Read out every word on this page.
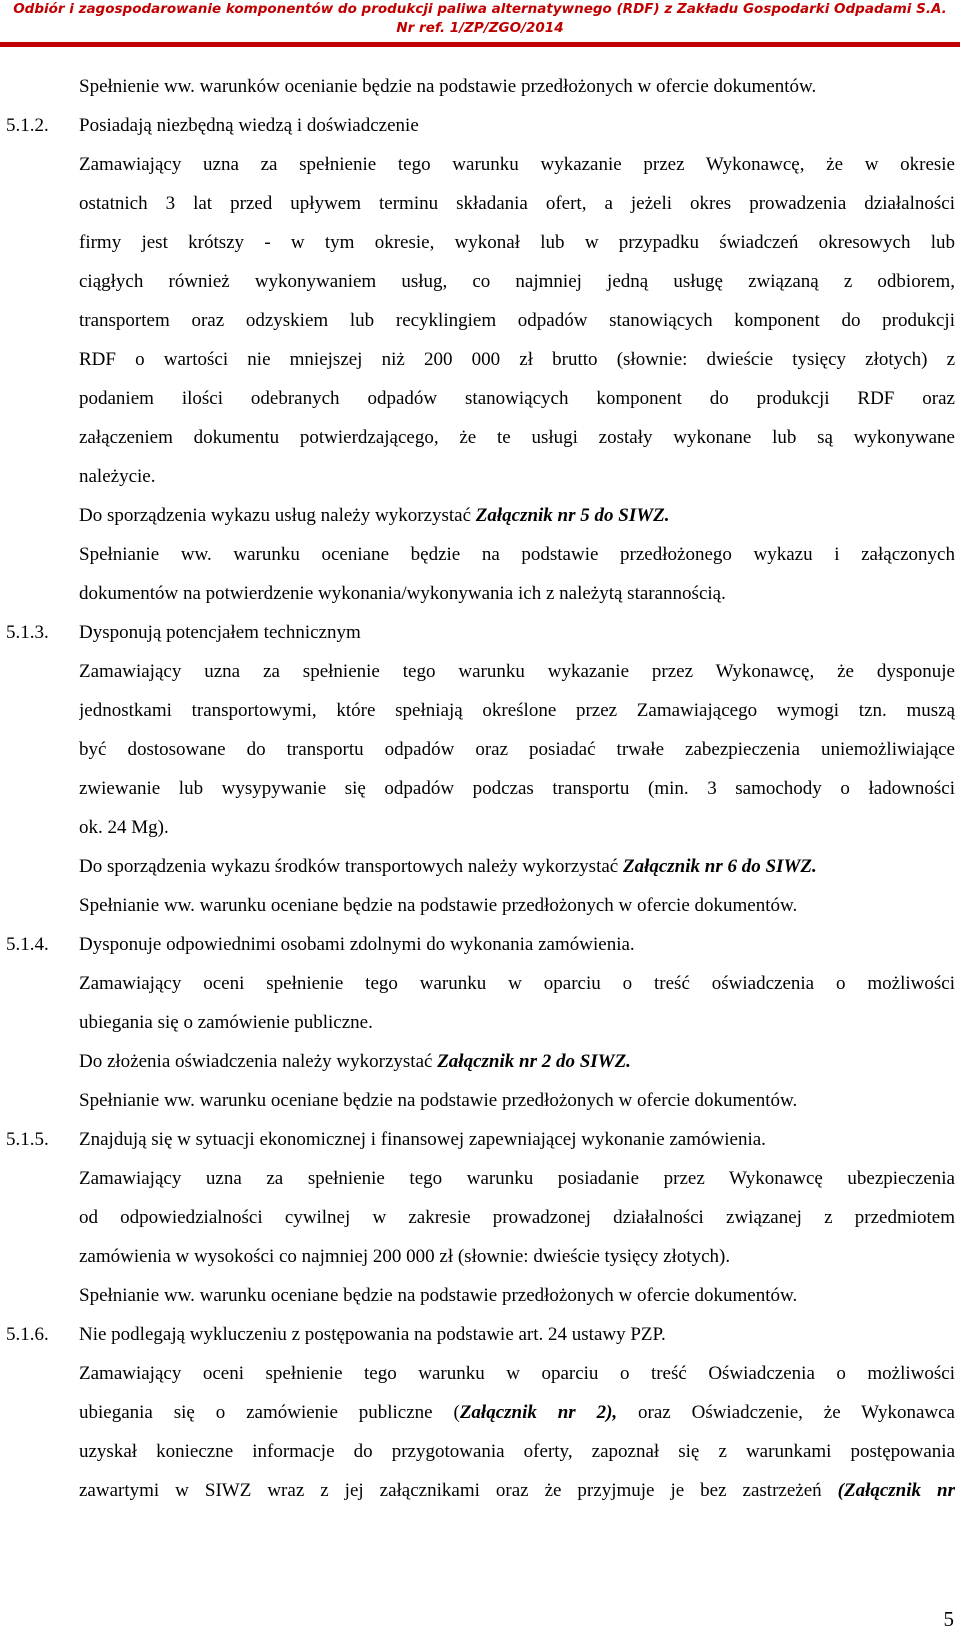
Odbiór i zagospodarowanie komponentów do produkcji paliwa alternatywnego (RDF) z Zakładu Gospodarki Odpadami S.A.
Nr ref. 1/ZP/ZGO/2014
Spełnienie ww. warunków ocenianie będzie na podstawie przedłożonych w ofercie dokumentów.
5.1.2. Posiadają niezbędną wiedzą i doświadczenie
Zamawiający uzna za spełnienie tego warunku wykazanie przez Wykonawcę, że w okresie
ostatnich 3 lat przed upływem terminu składania ofert, a jeżeli okres prowadzenia działalności
firmy jest krótszy - w tym okresie, wykonał lub w przypadku świadczeń okresowych lub
ciągłych również wykonywaniem usług, co najmniej jedną usługę związaną z odbiorem,
transportem oraz odzyskiem lub recyklingiem odpadów stanowiących komponent do produkcji
RDF o wartości nie mniejszej niż 200 000 zł brutto (słownie: dwieście tysięcy złotych) z
podaniem ilości odebranych odpadów stanowiących komponent do produkcji RDF oraz
załączeniem dokumentu potwierdzającego, że te usługi zostały wykonane lub są wykonywane
należycie.
Do sporządzenia wykazu usług należy wykorzystać Załącznik nr 5 do SIWZ.
Spełnianie ww. warunku oceniane będzie na podstawie przedłożonego wykazu i załączonych
dokumentów na potwierdzenie wykonania/wykonywania ich z należytą starannością.
5.1.3. Dysponują potencjałem technicznym
Zamawiający uzna za spełnienie tego warunku wykazanie przez Wykonawcę, że dysponuje
jednostkami transportowymi, które spełniają określone przez Zamawiającego wymogi tzn. muszą
być dostosowane do transportu odpadów oraz posiadać trwałe zabezpieczenia uniemożliwiające
zwiewanie lub wysypywanie się odpadów podczas transportu (min. 3 samochody o ładowności
ok. 24 Mg).
Do sporządzenia wykazu środków transportowych należy wykorzystać Załącznik nr 6 do SIWZ.
Spełnianie ww. warunku oceniane będzie na podstawie przedłożonych w ofercie dokumentów.
5.1.4. Dysponuje odpowiednimi osobami zdolnymi do wykonania zamówienia.
Zamawiający oceni spełnienie tego warunku w oparciu o treść oświadczenia o możliwości
ubiegania się o zamówienie publiczne.
Do złożenia oświadczenia należy wykorzystać Załącznik nr 2 do SIWZ.
Spełnianie ww. warunku oceniane będzie na podstawie przedłożonych w ofercie dokumentów.
5.1.5. Znajdują się w sytuacji ekonomicznej i finansowej zapewniającej wykonanie zamówienia.
Zamawiający uzna za spełnienie tego warunku posiadanie przez Wykonawcę ubezpieczenia
od odpowiedzialności cywilnej w zakresie prowadzonej działalności związanej z przedmiotem
zamówienia w wysokości co najmniej 200 000 zł (słownie: dwieście tysięcy złotych).
Spełnianie ww. warunku oceniane będzie na podstawie przedłożonych w ofercie dokumentów.
5.1.6. Nie podlegają wykluczeniu z postępowania na podstawie art. 24 ustawy PZP.
Zamawiający oceni spełnienie tego warunku w oparciu o treść Oświadczenia o możliwości
ubiegania się o zamówienie publiczne (Załącznik nr 2), oraz Oświadczenie, że Wykonawca
uzyskał konieczne informacje do przygotowania oferty, zapoznał się z warunkami postępowania
zawartymi w SIWZ wraz z jej załącznikami oraz że przyjmuje je bez zastrzeżeń (Załącznik nr
5
